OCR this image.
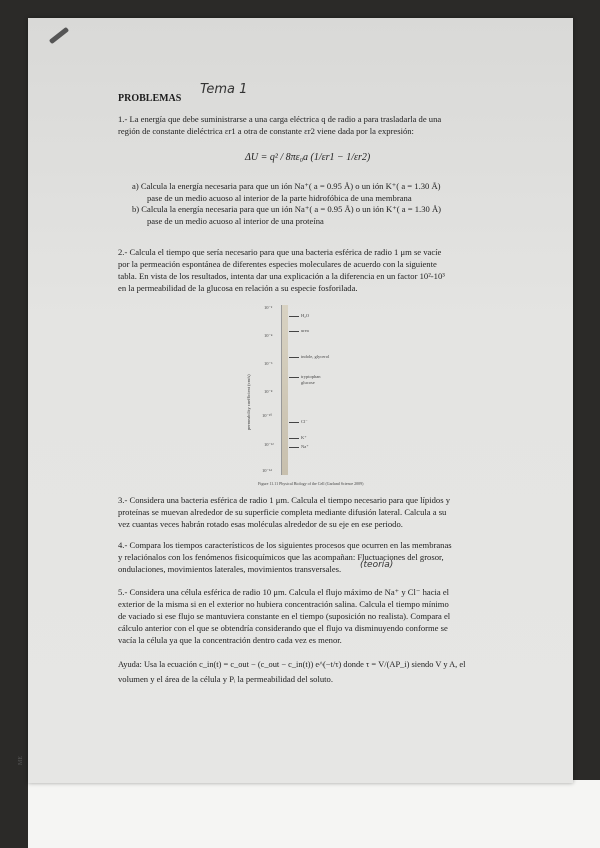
ME
PROBLEMAS
Tema 1
1.- La energía que debe suministrarse a una carga eléctrica q de radio a para trasladarla de una
región de constante dieléctrica εr1 a otra de constante εr2 viene dada por la expresión:
ΔU = q² / 8πε₀a (1/εr1 − 1/εr2)
a) Calcula la energía necesaria para que un ión Na⁺( a = 0.95 Å) o un ión K⁺( a = 1.30 Å)
pase de un medio acuoso al interior de la parte hidrofóbica de una membrana
b) Calcula la energía necesaria para que un ión Na⁺( a = 0.95 Å) o un ión K⁺( a = 1.30 Å)
pase de un medio acuoso al interior de una proteína
2.- Calcula el tiempo que sería necesario para que una bacteria esférica de radio 1 μm se vacíe
por la permeación espontánea de diferentes especies moleculares de acuerdo con la siguiente
tabla. En vista de los resultados, intenta dar una explicación a la diferencia en un factor 10²-10³
en la permeabilidad de la glucosa en relación a su especie fosforilada.
permeability coefficient (cm/s)
10⁻²
10⁻⁴
10⁻⁶
10⁻⁸
10⁻¹⁰
10⁻¹²
10⁻¹⁴
H₂O
urea
indole, glycerol
tryptophan
glucose
Cl⁻
K⁺
Na⁺
Figure 11.11 Physical Biology of the Cell (Garland Science 2009)
3.- Considera una bacteria esférica de radio 1 μm. Calcula el tiempo necesario para que lípidos y
proteínas se muevan alrededor de su superficie completa mediante difusión lateral. Calcula a su
vez cuantas veces habrán rotado esas moléculas alrededor de su eje en ese periodo.
4.- Compara los tiempos característicos de los siguientes procesos que ocurren en las membranas
y relaciónalos con los fenómenos fisicoquímicos que las acompañan: Fluctuaciones del grosor,
ondulaciones, movimientos laterales, movimientos transversales. (teoría)
5.- Considera una célula esférica de radio 10 μm. Calcula el flujo máximo de Na⁺ y Cl⁻ hacia el
exterior de la misma si en el exterior no hubiera concentración salina. Calcula el tiempo mínimo
de vaciado si ese flujo se mantuviera constante en el tiempo (suposición no realista). Compara el
cálculo anterior con el que se obtendría considerando que el flujo va disminuyendo conforme se
vacía la célula ya que la concentración dentro cada vez es menor.
Ayuda: Usa la ecuación c_in(t) = c_out − (c_out − c_in(t)) e^(−t/τ) donde τ = V/(AP_i) siendo V y A, el
volumen y el área de la célula y Pᵢ la permeabilidad del soluto.
